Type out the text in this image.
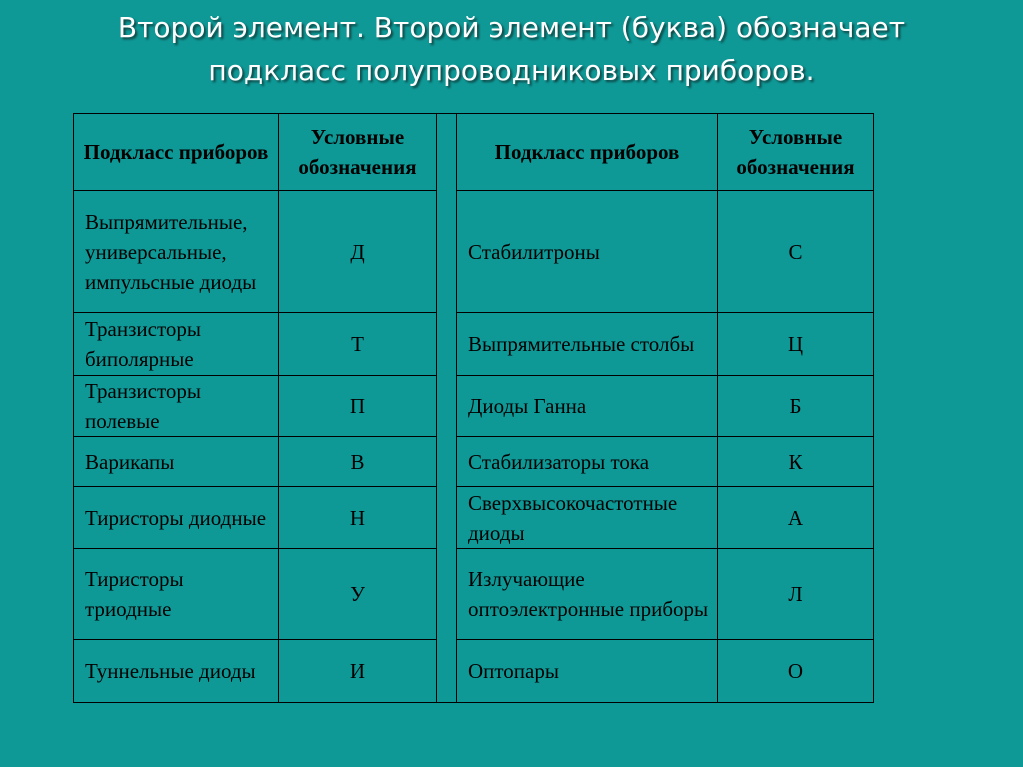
Второй элемент. Второй элемент (буква) обозначает
подкласс полупроводниковых приборов.
Подкласс приборов	Условные обозначения		Подкласс приборов	Условные обозначения
Выпрямительные, универсальные, импульсные диоды	Д		Стабилитроны	С
Транзисторы биполярные	Т		Выпрямительные столбы	Ц
Транзисторы полевые	П		Диоды Ганна	Б
Варикапы	В		Стабилизаторы тока	К
Тиристоры диодные	Н		Сверхвысокочастотные диоды	А
Тиристоры триодные	У		Излучающие оптоэлектронные приборы	Л
Туннельные диоды	И		Оптопары	О
